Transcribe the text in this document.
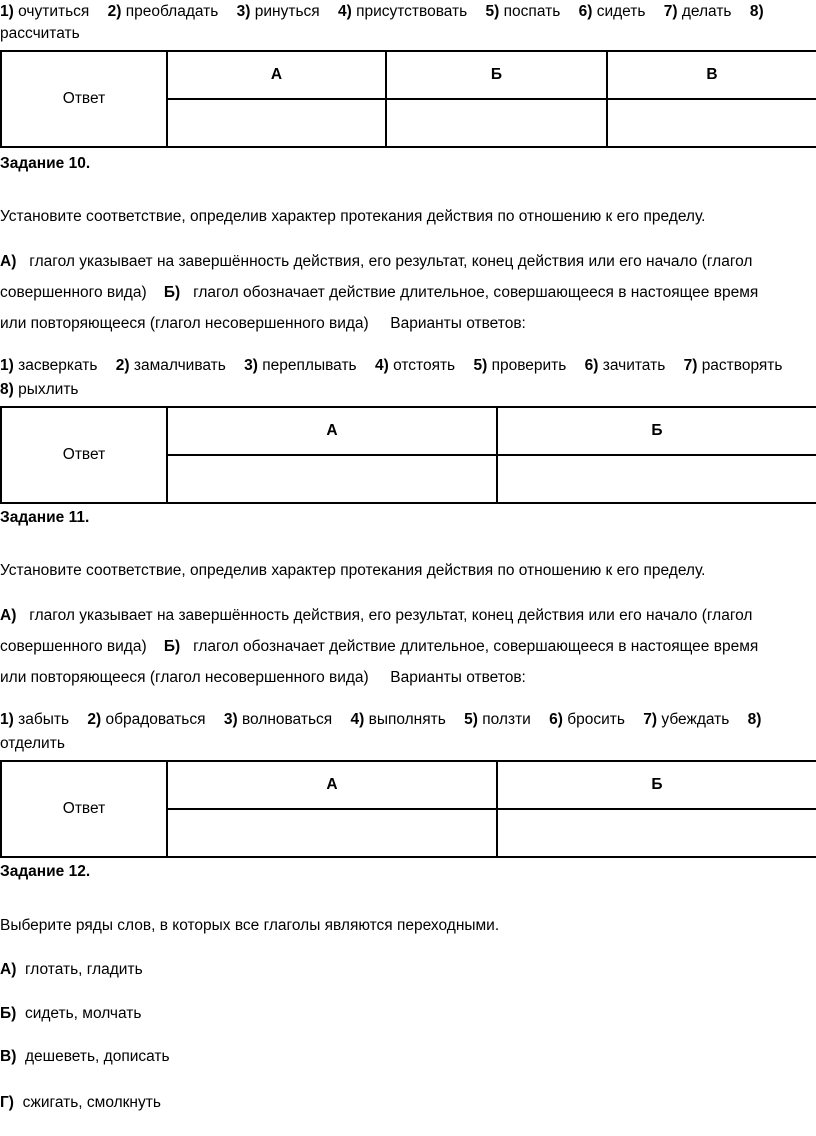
1) очутиться 2) преобладать 3) ринуться 4) присутствовать 5) поспать 6) сидеть 7) делать 8)
рассчитать
Ответ	А	Б	В

Задание 10.
Установите соответствие, определив характер протекания действия по отношению к его пределу.
А) глагол указывает на завершённость действия, его результат, конец действия или его начало (глагол
совершенного вида) Б) глагол обозначает действие длительное, совершающееся в настоящее время
или повторяющееся (глагол несовершенного вида) Варианты ответов:
1) засверкать 2) замалчивать 3) переплывать 4) отстоять 5) проверить 6) зачитать 7) растворять
8) рыхлить
Ответ	А	Б

Задание 11.
Установите соответствие, определив характер протекания действия по отношению к его пределу.
А) глагол указывает на завершённость действия, его результат, конец действия или его начало (глагол
совершенного вида) Б) глагол обозначает действие длительное, совершающееся в настоящее время
или повторяющееся (глагол несовершенного вида) Варианты ответов:
1) забыть 2) обрадоваться 3) волноваться 4) выполнять 5) ползти 6) бросить 7) убеждать 8)
отделить
Ответ	А	Б

Задание 12.
Выберите ряды слов, в которых все глаголы являются переходными.
А) глотать, гладить
Б) сидеть, молчать
В) дешеветь, дописать
Г) сжигать, смолкнуть
